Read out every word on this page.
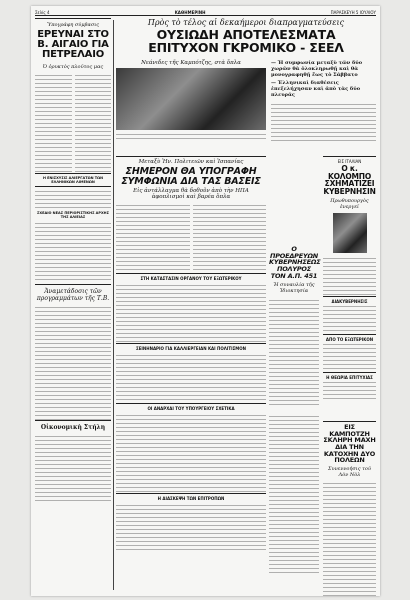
Σελίς 4	ΚΑΘΗΜΕΡΙΝΗ	ΠΑΡΑΣΚΕΥΗ 5 ΙΟΥΛΙΟΥ
Ὑπογράφη σύμβασις
ΕΡΕΥΝΑΙ ΣΤΟ Β. ΑΙΓΑΙΟ ΓΙΑ ΠΕΤΡΕΛΑΙΟ
Ὁ ὁρυκτὸς πλοῦτος μας
Η ΕΝΙΣΧΥΣΙΣ ΑΛΙΕΡΓΑΤΩΝ ΤΩΝ ΕΛΛΗΝΙΚΩΝ ΛΙΜΕΝΩΝ
ΣΧΕΔΙΟ ΝΕΑΣ ΠΕΡΙΟΡΙΣΤΙΚΗΣ ΑΡΧΗΣ ΤΗΣ ΑΛΙΕΙΑΣ
Ἀναμετάδοσις τῶν προγραμμάτων τῆς Τ.Β.
Οἰκονομικὴ Στήλη
Πρὸς τὸ τέλος αἱ δεκαήμεροι διαπραγματεύσεις
ΟΥΣΙΩΔΗ ΑΠΟΤΕΛΕΣΜΑΤΑ
ΕΠΙΤΥΧΟΝ ΓΚΡΟΜΙΚΟ - ΣΕΕΛ
Νεάνιδες τῆς Καμπότζης, στὰ ὅπλα	— Ἡ συμφωνία μεταξὺ τῶν δύο χωρῶν θὰ ὁλοκληρωθῇ καὶ θὰ μονογραφηθῇ ἕως τὸ Σάββατο
— Ἐλληνικαὶ διαθέσεις ἐπεξελήχησαν καὶ ἀπὸ τὰς δύο πλευράς
Μεταξὺ Ἡν. Πολιτειῶν καὶ Ἰσπανίας
ΣΗΜΕΡΟΝ ΘΑ ΥΠΟΓΡΑΦΗ ΣΥΜΦΩΝΙΑ ΔΙΑ ΤΑΣ ΒΑΣΕΙΣ
Εἰς ἀντάλλαγμα θὰ δοθοῦν ἀπὸ τὴν ΗΠΑ ἀφοπλισμοὶ καὶ βαρέα ὅπλα
ΣΤΗ ΚΑΤΑΣΤΑΣΙΝ ΟΡΓΑΝΟΥ ΤΟΥ ΕΞΩΤΕΡΙΚΟΥ
ΣΕΙΝΗΝΑΡΙΟ ΓΙΑ ΚΑΛΛΙΕΡΓΕΙΑΝ ΚΑΙ ΠΟΛΙΤΙΣΜΟΝ
ΟΙ ΑΝΑΡΧΑΙ ΤΟΥ ΥΠΟΥΡΓΕΙΟΥ ΣΧΕΤΙΚΑ
Η ΔΙΑΣΚΕΨΗ ΤΩΝ ΕΠΙΤΡΟΠΩΝ
Ο ΠΡΟΕΔΡΕΥΩΝ ΚΥΒΕΡΝΗΣΕΩΣ ΠΟΛΥΡΟΣ ΤΟΝ Α.Π. 451
Ἡ συναυλία τῆς Ἰδιοκτησία
ΕΙΣ ΙΤΑΛΙΑΝ
Ο κ. ΚΟΛΟΜΠΟ ΣΧΗΜΑΤΙΖΕΙ ΚΥΒΕΡΝΗΣΙΝ
Πρωθυπουργὸς ἐνεργεῖ
ΔΙΑΚΥΒΕΡΝΗΣΙΣ
ΑΠΟ ΤΟ ΕΞΩΤΕΡΙΚΟΝ
Η ΘΕΩΡΙΑ ΕΠΙΤΥΧΙΑΣ
ΕΙΣ ΚΑΜΠΟΤΖΗ ΣΚΛΗΡΗ ΜΑΧΗ ΔΙΑ ΤΗΝ ΚΑΤΟΧΗΝ ΔΥΟ ΠΟΛΕΩΝ
Συνεννοήσις τοῦ Λὸν Νὸλ
